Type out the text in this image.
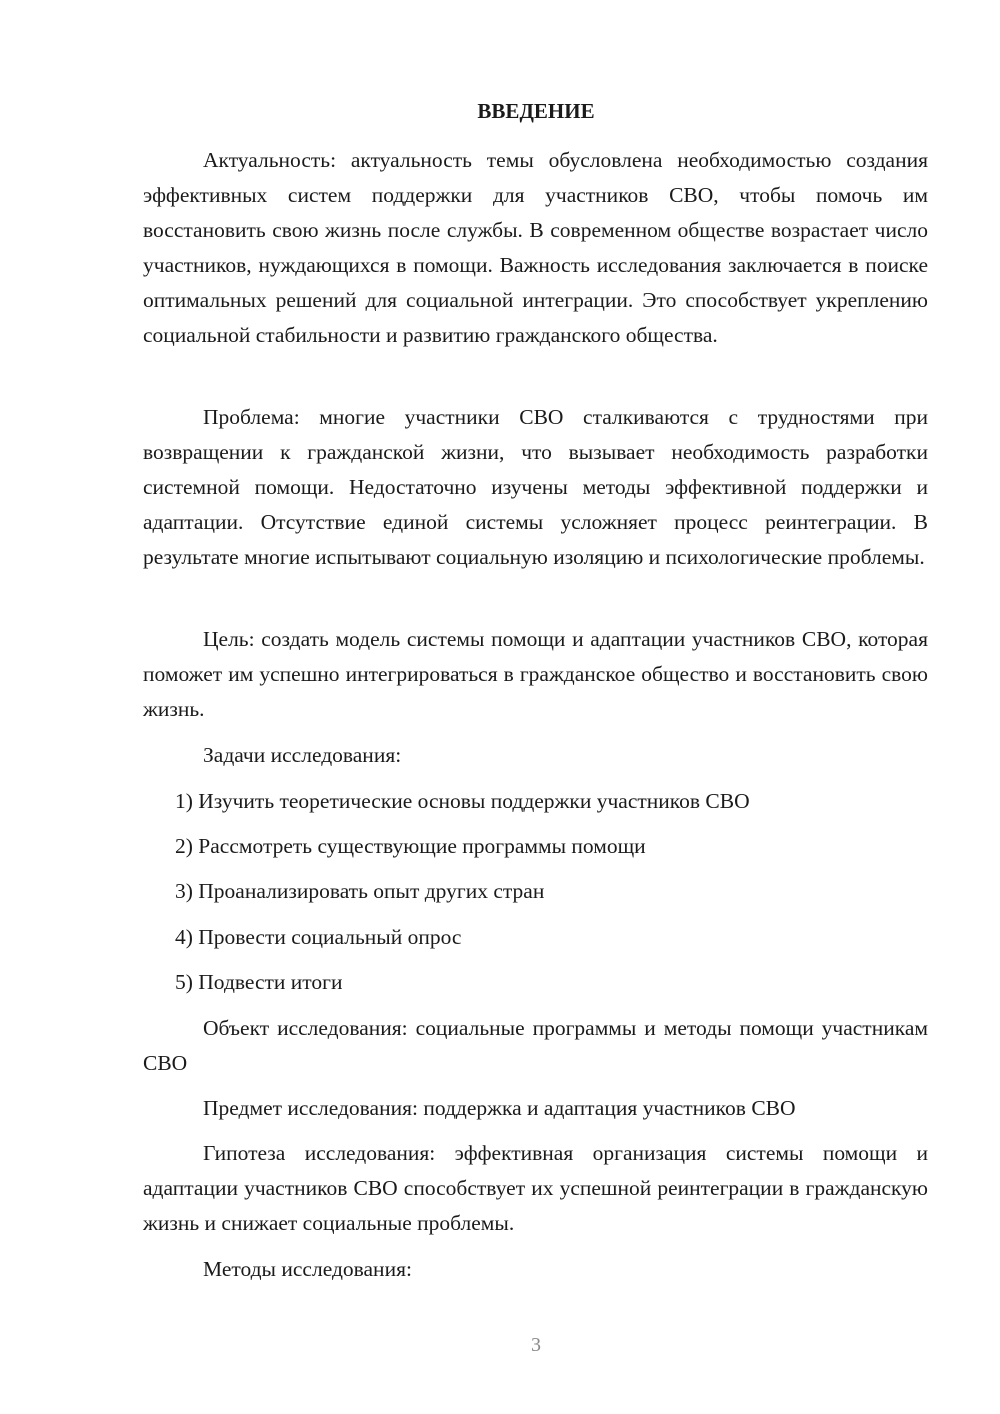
ВВЕДЕНИЕ

Актуальность: актуальность темы обусловлена необходимостью создания эффективных систем поддержки для участников СВО, чтобы помочь им восстановить свою жизнь после службы. В современном обществе возрастает число участников, нуждающихся в помощи. Важность исследования заключается в поиске оптимальных решений для социальной интеграции. Это способствует укреплению социальной стабильности и развитию гражданского общества.

Проблема: многие участники СВО сталкиваются с трудностями при возвращении к гражданской жизни, что вызывает необходимость разработки системной помощи. Недостаточно изучены методы эффективной поддержки и адаптации. Отсутствие единой системы усложняет процесс реинтеграции. В результате многие испытывают социальную изоляцию и психологические проблемы.

Цель: создать модель системы помощи и адаптации участников СВО, которая поможет им успешно интегрироваться в гражданское общество и восстановить свою жизнь.

Задачи исследования:

1) Изучить теоретические основы поддержки участников СВО

2) Рассмотреть существующие программы помощи

3) Проанализировать опыт других стран

4) Провести социальный опрос

5) Подвести итоги

Объект исследования: социальные программы и методы помощи участникам СВО

Предмет исследования: поддержка и адаптация участников СВО

Гипотеза исследования: эффективная организация системы помощи и адаптации участников СВО способствует их успешной реинтеграции в гражданскую жизнь и снижает социальные проблемы.

Методы исследования:

3
